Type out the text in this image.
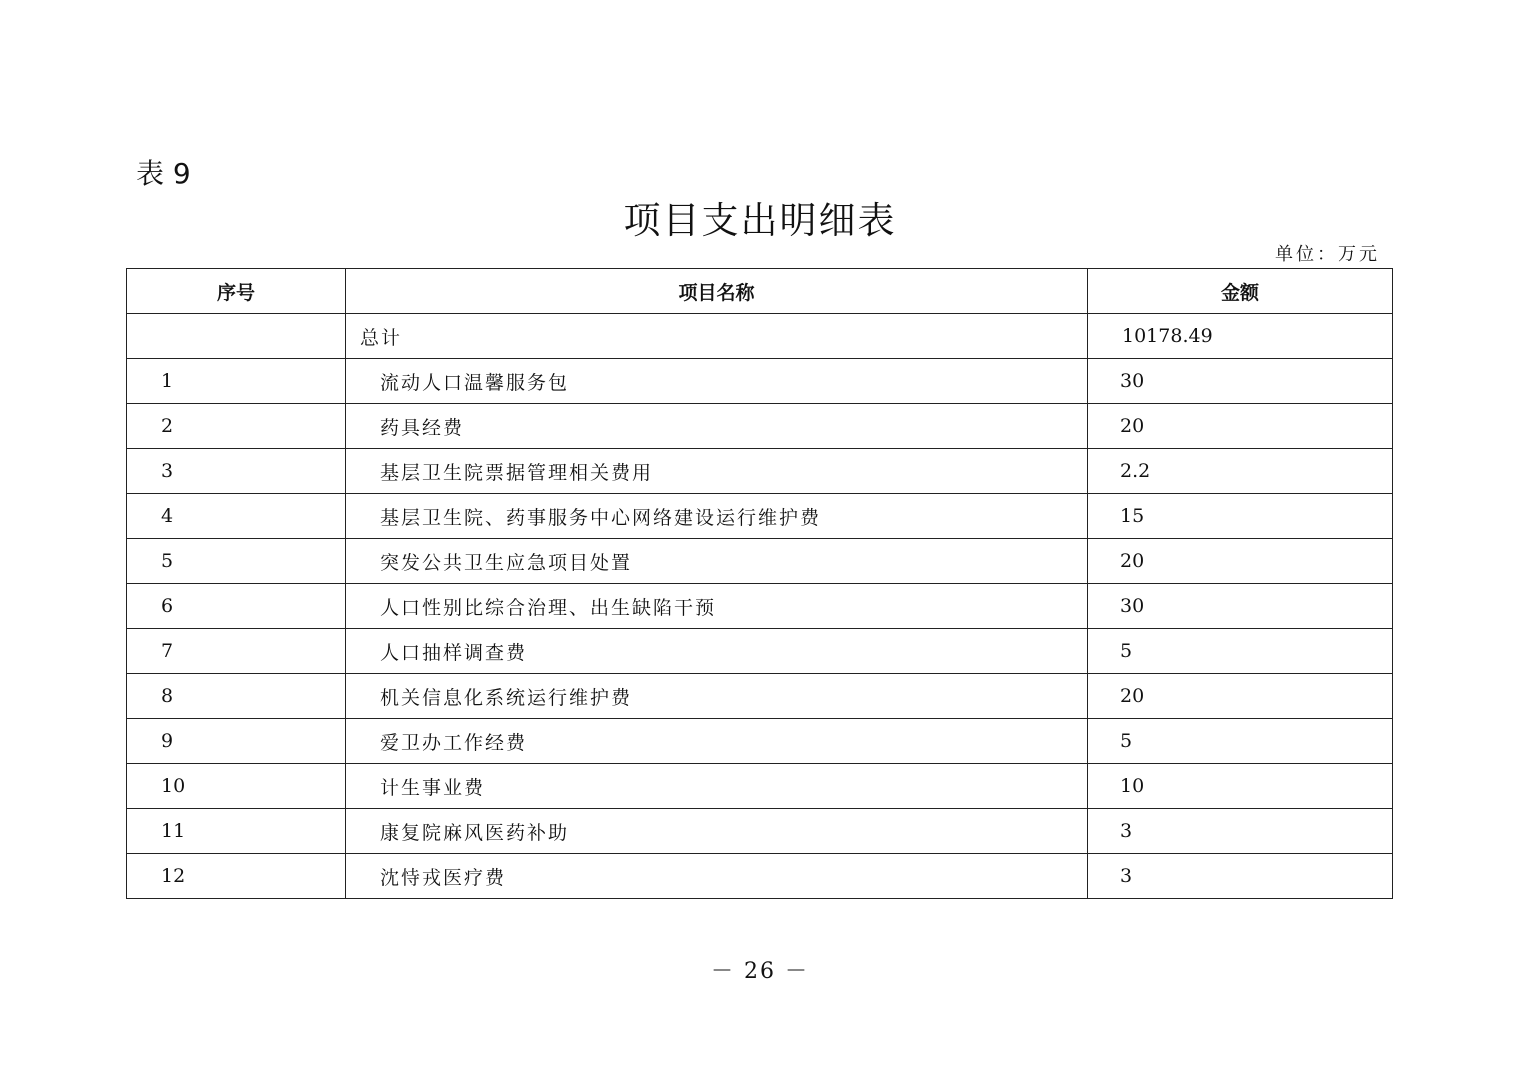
表 9
项目支出明细表
单位：万元
序号	项目名称	金额
	总计	10178.49
1	流动人口温馨服务包	30
2	药具经费	20
3	基层卫生院票据管理相关费用	2.2
4	基层卫生院、药事服务中心网络建设运行维护费	15
5	突发公共卫生应急项目处置	20
6	人口性别比综合治理、出生缺陷干预	30
7	人口抽样调查费	5
8	机关信息化系统运行维护费	20
9	爱卫办工作经费	5
10	计生事业费	10
11	康复院麻风医药补助	3
12	沈恃戎医疗费	3
－ 26 －
